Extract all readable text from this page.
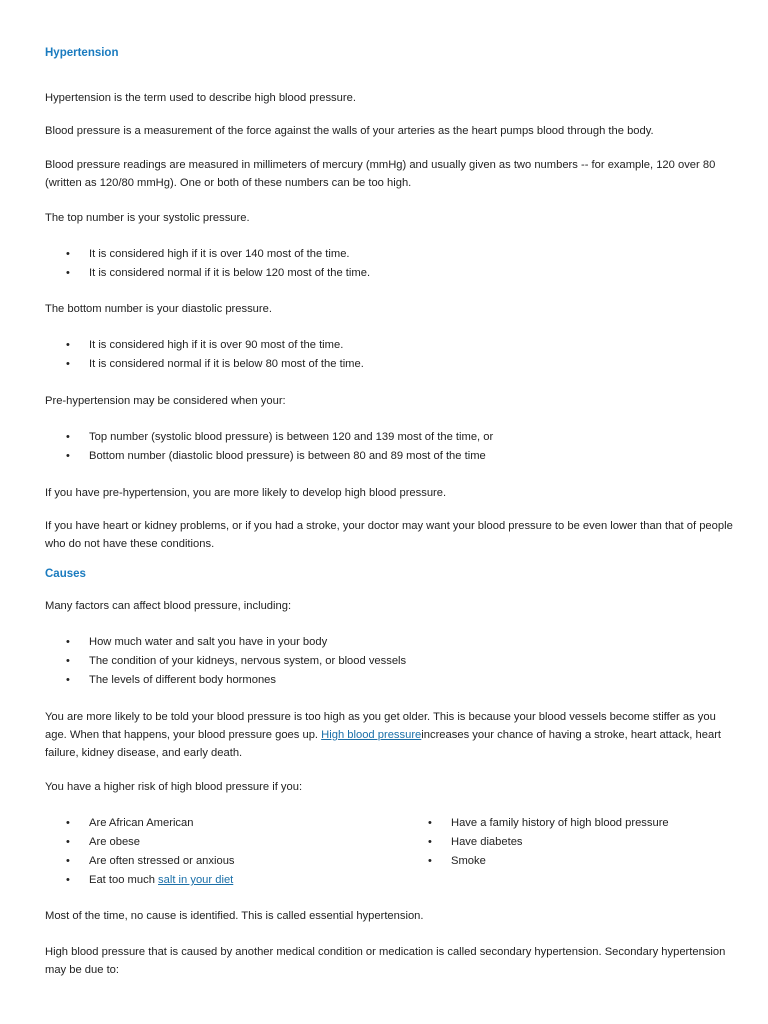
Hypertension
Hypertension is the term used to describe high blood pressure.
Blood pressure is a measurement of the force against the walls of your arteries as the heart pumps blood through the body.
Blood pressure readings are measured in millimeters of mercury (mmHg) and usually given as two numbers -- for example, 120 over 80 (written as 120/80 mmHg). One or both of these numbers can be too high.
The top number is your systolic pressure.
• It is considered high if it is over 140 most of the time.
• It is considered normal if it is below 120 most of the time.
The bottom number is your diastolic pressure.
• It is considered high if it is over 90 most of the time.
• It is considered normal if it is below 80 most of the time.
Pre-hypertension may be considered when your:
• Top number (systolic blood pressure) is between 120 and 139 most of the time, or
• Bottom number (diastolic blood pressure) is between 80 and 89 most of the time
If you have pre-hypertension, you are more likely to develop high blood pressure.
If you have heart or kidney problems, or if you had a stroke, your doctor may want your blood pressure to be even lower than that of people who do not have these conditions.
Causes
Many factors can affect blood pressure, including:
• How much water and salt you have in your body
• The condition of your kidneys, nervous system, or blood vessels
• The levels of different body hormones
You are more likely to be told your blood pressure is too high as you get older. This is because your blood vessels become stiffer as you age. When that happens, your blood pressure goes up. High blood pressureincreases your chance of having a stroke, heart attack, heart failure, kidney disease, and early death.
You have a higher risk of high blood pressure if you:
• Are African American
• Are obese
• Are often stressed or anxious
• Eat too much salt in your diet
• Have a family history of high blood pressure
• Have diabetes
• Smoke
Most of the time, no cause is identified. This is called essential hypertension.
High blood pressure that is caused by another medical condition or medication is called secondary hypertension. Secondary hypertension may be due to:
